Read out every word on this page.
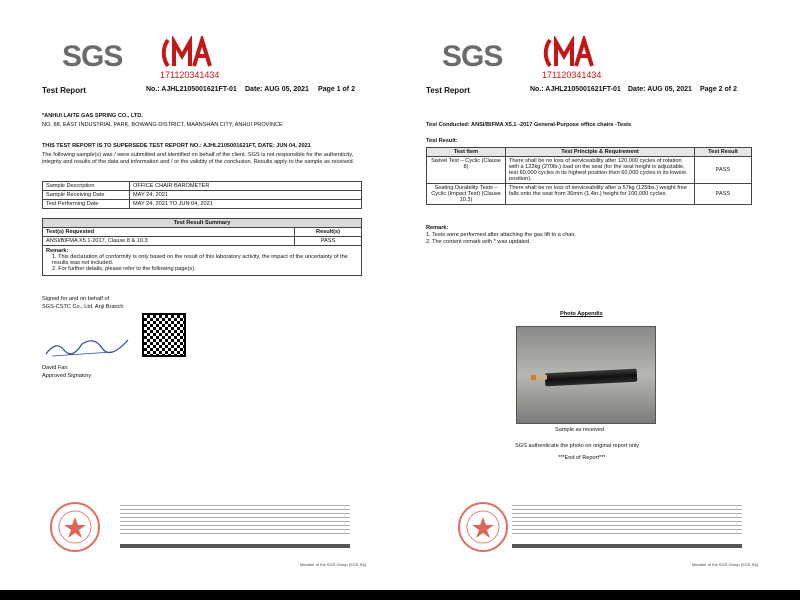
SGS
171120341434
Test Report	No.: AJHL2105001621FT-01 Date: AUG 05, 2021 Page 1 of 2
*ANHUI LAITE GAS SPRING CO., LTD.
NO. 88, EAST INDUSTRIAL PARK, BOWANG DISTRICT, MAANSHAN CITY, ANHUI PROVINCE
THIS TEST REPORT IS TO SUPERSEDE TEST REPORT NO.: AJHL2105001621FT, DATE: JUN 04, 2021
The following sample(s) was / were submitted and identified on behalf of the client. SGS is not responsible for the authenticity, integrity and results of the data and information and / or the validity of the conclusion. Results apply to the sample as received.
Sample Description	OFFICE CHAIR BAROMETER
Sample Receiving Date	MAY 24, 2021
Test Performing Date	MAY 24, 2021 TO JUN 04, 2021
Test Result Summary	
Test(s) Requested	Result(s)
ANSI/BIFMA X5.1-2017, Clause 8 & 10.3	PASS

Remark:
1. This declaration of conformity is only based on the result of this laboratory activity, the impact of the uncertainty of the results was not included.
2. For further details, please refer to the following page(s).	
Signed for and on behalf of
SGS-CSTC Co., Ltd. Anji Branch
David Fan
Approved Signatory
Member of the SGS Group (SGS SA)
SGS
171120341434
Test Report	No.: AJHL2105001621FT-01 Date: AUG 05, 2021 Page 2 of 2
Test Conducted: ANSI/BIFMA X5.1 -2017 General-Purpose office chairs -Tests
Test Result:
Test Item	Test Principle & Requirement	Test Result
Swivel Test – Cyclic (Clause 8)	There shall be no loss of serviceability after 120,000 cycles of rotation with a 122kg (270lb.) load on the seat (for the seat height is adjustable, test 60,000 cycles in its highest position then 60,000 cycles in its lowest position).	PASS
Seating Durability Tests – Cyclic (Impact Test) (Clause 10.3)	There shall be no loss of serviceability after a 57kg (125lbs.) weight free falls onto the seat from 36mm (1.4in.) height for 100,000 cycles.	PASS
Remark:
1. Tests were performed after attaching the gas lift to a chair.
2. The content remark with * was updated.
Photo Appendix
Sample as received
SGS authenticate the photo on original report only
***End of Report***
Member of the SGS Group (SGS SA)
